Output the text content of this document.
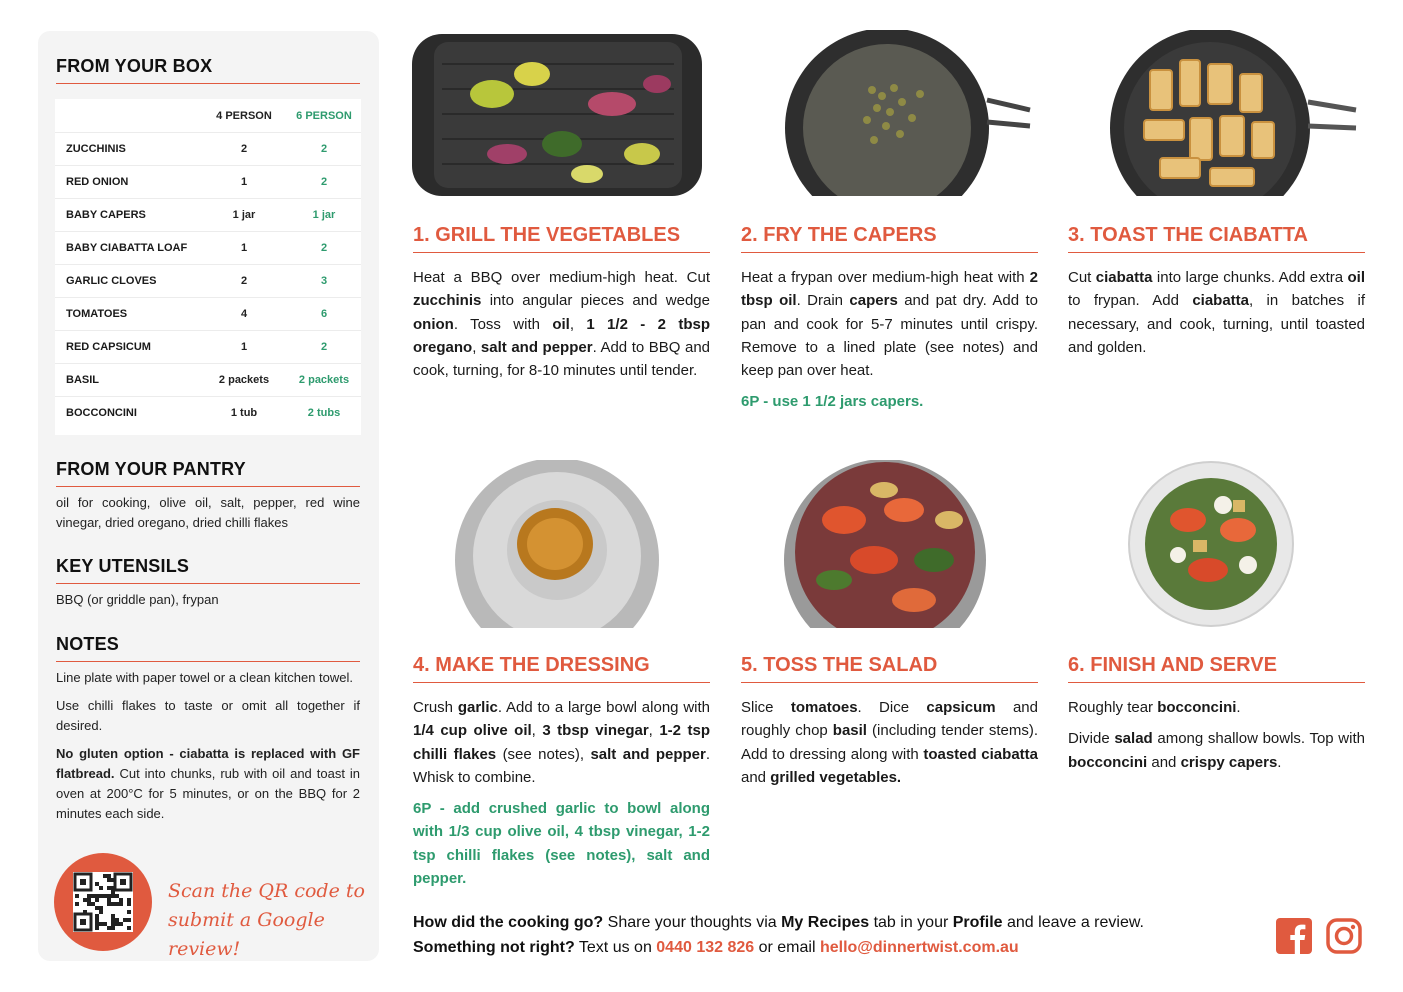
FROM YOUR BOX
	4 PERSON	6 PERSON
ZUCCHINIS	2	2
RED ONION	1	2
BABY CAPERS	1 jar	1 jar
BABY CIABATTA LOAF	1	2
GARLIC CLOVES	2	3
TOMATOES	4	6
RED CAPSICUM	1	2
BASIL	2 packets	2 packets
BOCCONCINI	1 tub	2 tubs
FROM YOUR PANTRY
oil for cooking, olive oil, salt, pepper, red wine vinegar, dried oregano, dried chilli flakes
KEY UTENSILS
BBQ (or griddle pan), frypan
NOTES

Line plate with paper towel or a clean kitchen towel.

Use chilli flakes to taste or omit all together if desired.

No gluten option - ciabatta is replaced with GF flatbread. Cut into chunks, rub with oil and toast in oven at 200°C for 5 minutes, or on the BBQ for 2 minutes each side.

Scan the QR code to
submit a Google review!
1. GRILL THE VEGETABLES
Heat a BBQ over medium-high heat. Cut zucchinis into angular pieces and wedge onion. Toss with oil, 1 1/2 - 2 tbsp oregano, salt and pepper. Add to BBQ and cook, turning, for 8-10 minutes until tender.
2. FRY THE CAPERS
Heat a frypan over medium-high heat with 2 tbsp oil. Drain capers and pat dry. Add to pan and cook for 5-7 minutes until crispy. Remove to a lined plate (see notes) and keep pan over heat.
6P - use 1 1/2 jars capers.
3. TOAST THE CIABATTA
Cut ciabatta into large chunks. Add extra oil to frypan. Add ciabatta, in batches if necessary, and cook, turning, until toasted and golden.
4. MAKE THE DRESSING
Crush garlic. Add to a large bowl along with 1/4 cup olive oil, 3 tbsp vinegar, 1-2 tsp chilli flakes (see notes), salt and pepper. Whisk to combine.
6P - add crushed garlic to bowl along with 1/3 cup olive oil, 4 tbsp vinegar, 1-2 tsp chilli flakes (see notes), salt and pepper.
5. TOSS THE SALAD
Slice tomatoes. Dice capsicum and roughly chop basil (including tender stems). Add to dressing along with toasted ciabatta and grilled vegetables.
6. FINISH AND SERVE
Roughly tear bocconcini.
Divide salad among shallow bowls. Top with bocconcini and crispy capers.
How did the cooking go? Share your thoughts via My Recipes tab in your Profile and leave a review.
Something not right? Text us on 0440 132 826 or email hello@dinnertwist.com.au
